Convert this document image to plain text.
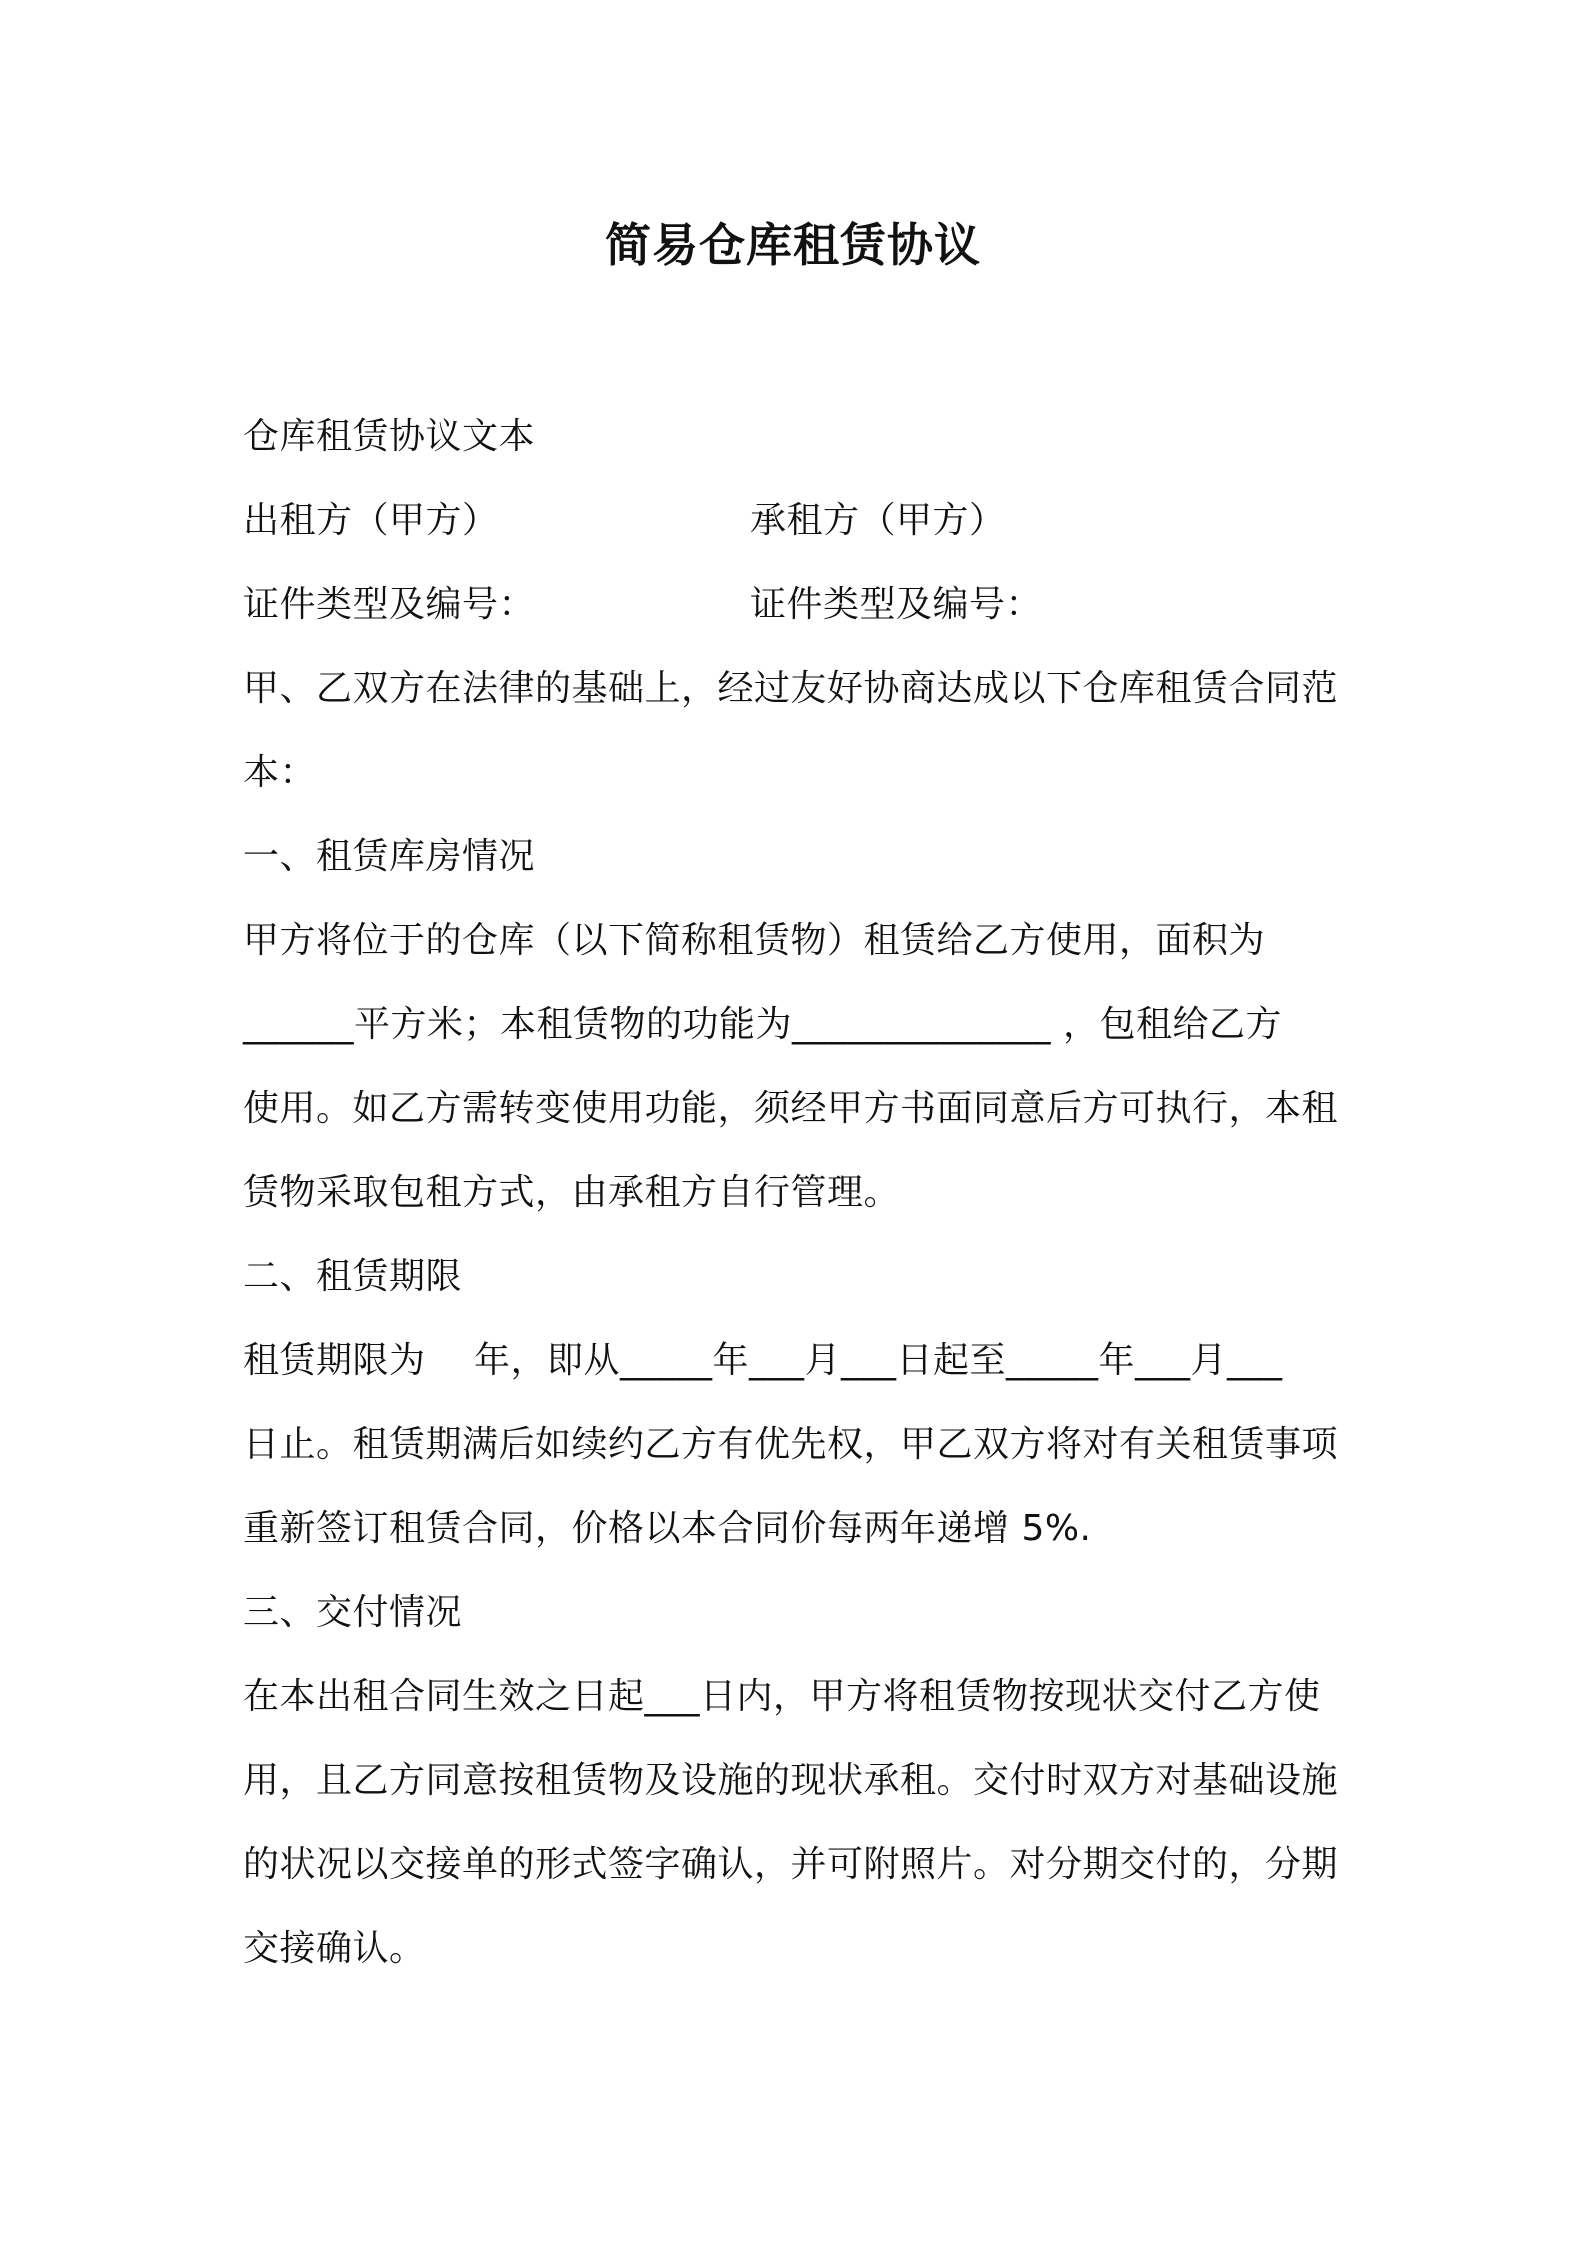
简易仓库租赁协议
仓库租赁协议文本
出租方（甲方）	承租方（甲方）
证件类型及编号：	证件类型及编号：
甲、乙双方在法律的基础上，经过友好协商达成以下仓库租赁合同范
本：
一、租赁库房情况
甲方将位于的仓库（以下简称租赁物）租赁给乙方使用，面积为
______平方米；本租赁物的功能为______________ ，包租给乙方
使用。如乙方需转变使用功能，须经甲方书面同意后方可执行，本租
赁物采取包租方式，由承租方自行管理。
二、租赁期限
租赁期限为　 年，即从_____年___月___日起至_____年___月___
日止。租赁期满后如续约乙方有优先权，甲乙双方将对有关租赁事项
重新签订租赁合同，价格以本合同价每两年递增 5%.
三、交付情况
在本出租合同生效之日起___日内，甲方将租赁物按现状交付乙方使
用，且乙方同意按租赁物及设施的现状承租。交付时双方对基础设施
的状况以交接单的形式签字确认，并可附照片。对分期交付的，分期
交接确认。
